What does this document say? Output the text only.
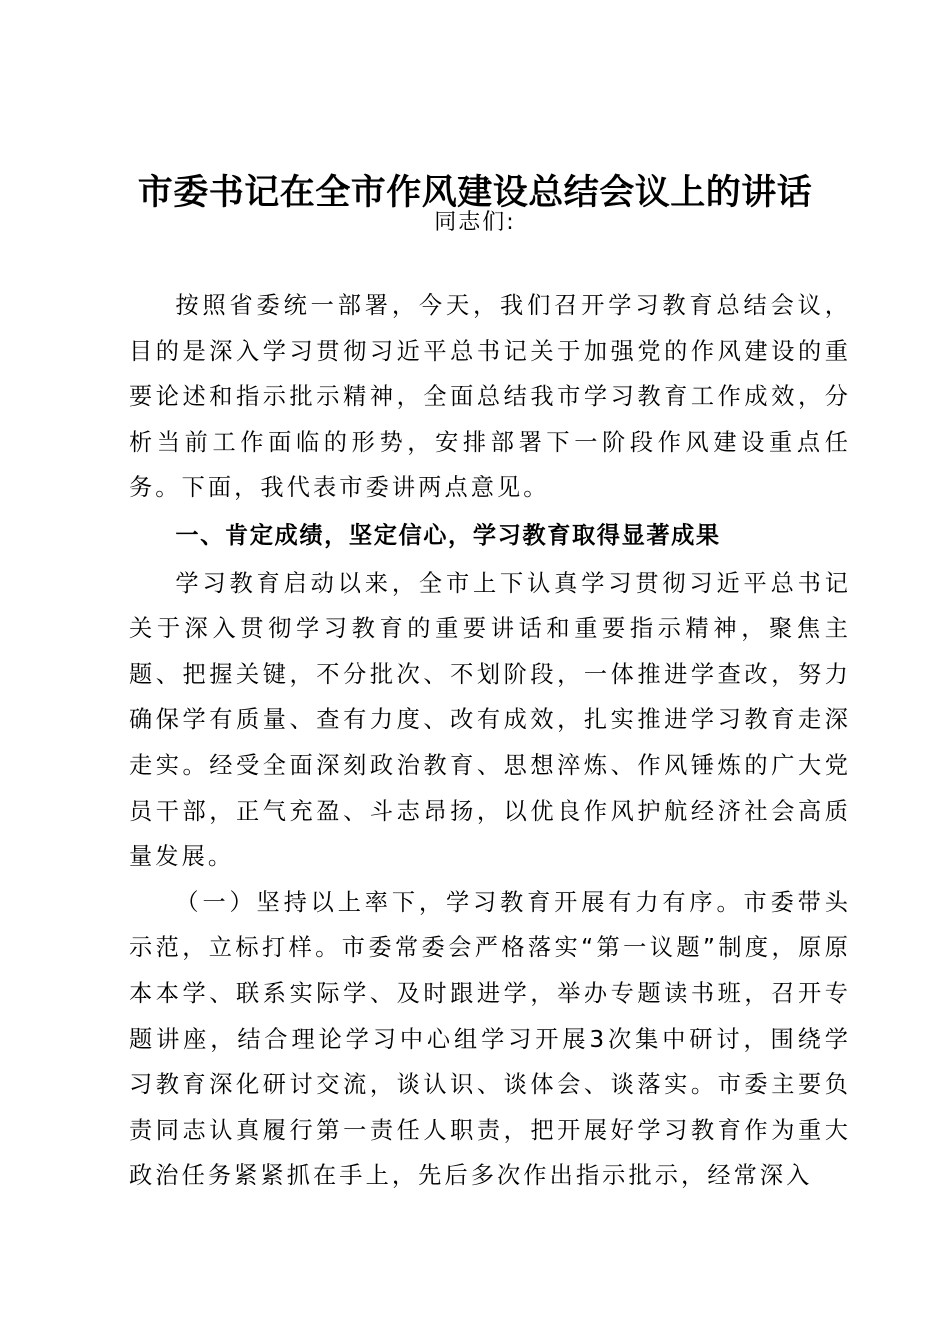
市委书记在全市作风建设总结会议上的讲话
同志们:

按照省委统一部署，今天，我们召开学习教育总结会议，目的是深入学习贯彻习近平总书记关于加强党的作风建设的重要论述和指示批示精神，全面总结我市学习教育工作成效，分析当前工作面临的形势，安排部署下一阶段作风建设重点任务。下面，我代表市委讲两点意见。

一、肯定成绩，坚定信心，学习教育取得显著成果

学习教育启动以来，全市上下认真学习贯彻习近平总书记关于深入贯彻学习教育的重要讲话和重要指示精神，聚焦主题、把握关键，不分批次、不划阶段，一体推进学查改，努力确保学有质量、查有力度、改有成效，扎实推进学习教育走深走实。经受全面深刻政治教育、思想淬炼、作风锤炼的广大党员干部，正气充盈、斗志昂扬，以优良作风护航经济社会高质量发展。

（一）坚持以上率下，学习教育开展有力有序。市委带头示范，立标打样。市委常委会严格落实“第一议题”制度，原原本本学、联系实际学、及时跟进学，举办专题读书班，召开专题讲座，结合理论学习中心组学习开展3次集中研讨，围绕学习教育深化研讨交流，谈认识、谈体会、谈落实。市委主要负责同志认真履行第一责任人职责，把开展好学习教育作为重大政治任务紧紧抓在手上，先后多次作出指示批示，经常深入
